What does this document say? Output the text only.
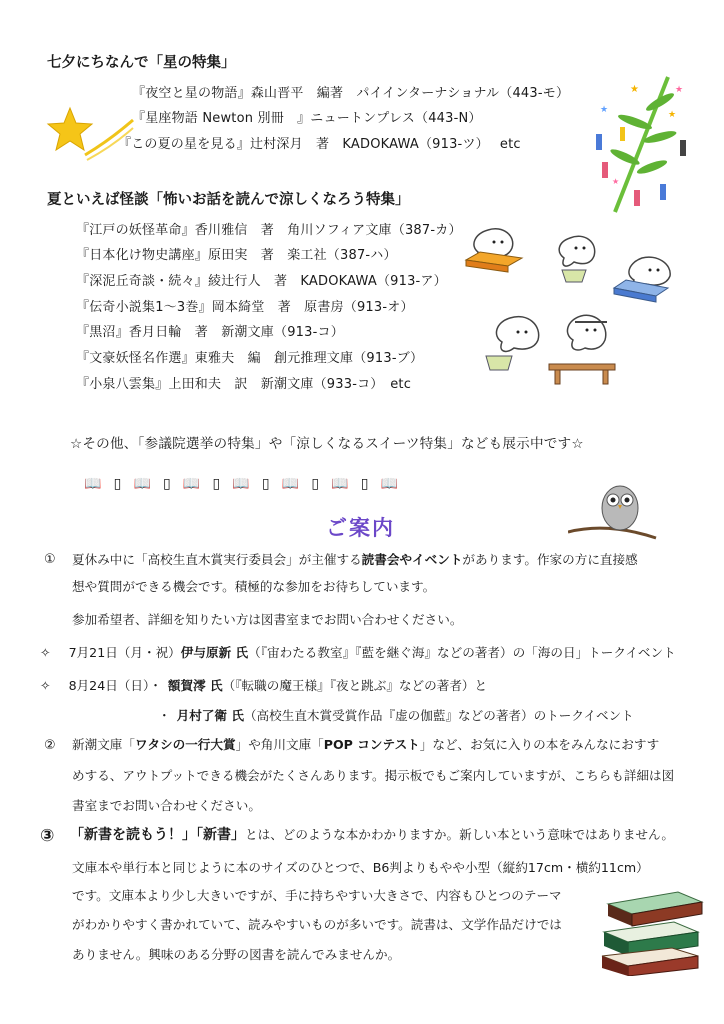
七夕にちなんで「星の特集」
『夜空と星の物語』森山晋平　編著　パイインターナショナル（443-モ）
『星座物語 Newton 別冊　』ニュートンプレス（443-N）
『この夏の星を見る』辻村深月　著　KADOKAWA（913-ツ）　 etc
★	★
★	★
★
夏といえば怪談「怖いお話を読んで涼しくなろう特集」
『江戸の妖怪革命』香川雅信　著　角川ソフィア文庫（387-カ）
『日本化け物史講座』原田実　著　楽工社（387-ハ）
『深泥丘奇談・続々』綾辻行人　著　KADOKAWA（913-ア）
『伝奇小説集1～3巻』岡本綺堂　著　原書房（913-オ）
『黒沼』香月日輪　著　新潮文庫（913-コ）
『文豪妖怪名作選』東雅夫　編　創元推理文庫（913-ブ）
『小泉八雲集』上田和夫　訳　新潮文庫（933-コ）　etc
☆その他、「参議院選挙の特集」や「涼しくなるスイーツ特集」なども展示中です☆
📖 ▯ 📖 ▯ 📖 ▯ 📖 ▯ 📖 ▯ 📖 ▯ 📖
ご案内
① 夏休み中に「高校生直木賞実行委員会」が主催する読書会やイベントがあります。作家の方に直接感
想や質問ができる機会です。積極的な参加をお待ちしています。
参加希望者、詳細を知りたい方は図書室までお問い合わせください。
✧ 7月21日（月・祝）伊与原新 氏（『宙わたる教室』『藍を継ぐ海』などの著者）の「海の日」トークイベント
✧ 8月24日（日）・ 額賀澪 氏（『転職の魔王様』『夜と跳ぶ』などの著者）と
・ 月村了衛 氏（高校生直木賞受賞作品『虚の伽藍』などの著者）のトークイベント
② 新潮文庫「ワタシの一行大賞」や角川文庫「POP コンテスト」など、お気に入りの本をみんなにおすす
めする、アウトプットできる機会がたくさんあります。掲示板でもご案内していますが、こちらも詳細は図
書室までお問い合わせください。
③ 「新書を読もう！」「新書」とは、どのような本かわかりますか。新しい本という意味ではありません。
文庫本や単行本と同じように本のサイズのひとつで、B6判よりもやや小型（縦約17cm・横約11cm）
です。文庫本より少し大きいですが、手に持ちやすい大きさで、内容もひとつのテーマ
がわかりやすく書かれていて、読みやすいものが多いです。読書は、文学作品だけでは
ありません。興味のある分野の図書を読んでみませんか。
